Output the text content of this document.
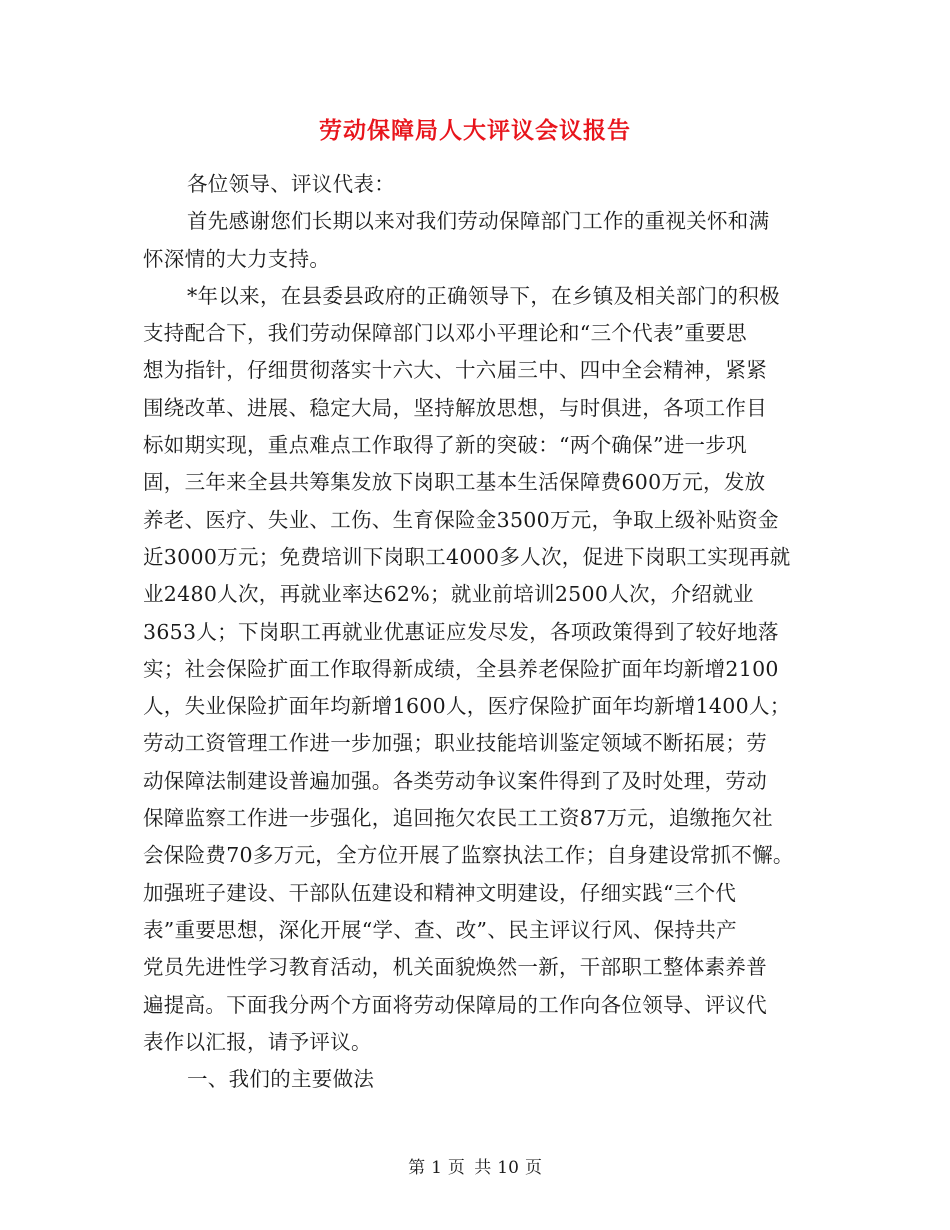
劳动保障局人大评议会议报告
各位领导、评议代表：
首先感谢您们长期以来对我们劳动保障部门工作的重视关怀和满
怀深情的大力支持。
*年以来，在县委县政府的正确领导下，在乡镇及相关部门的积极
支持配合下，我们劳动保障部门以邓小平理论和“三个代表”重要思
想为指针，仔细贯彻落实十六大、十六届三中、四中全会精神，紧紧
围绕改革、进展、稳定大局，坚持解放思想，与时俱进，各项工作目
标如期实现，重点难点工作取得了新的突破：“两个确保”进一步巩
固，三年来全县共筹集发放下岗职工基本生活保障费600万元，发放
养老、医疗、失业、工伤、生育保险金3500万元，争取上级补贴资金
近3000万元；免费培训下岗职工4000多人次，促进下岗职工实现再就
业2480人次，再就业率达62%；就业前培训2500人次，介绍就业
3653人；下岗职工再就业优惠证应发尽发，各项政策得到了较好地落
实；社会保险扩面工作取得新成绩，全县养老保险扩面年均新增2100
人，失业保险扩面年均新增1600人，医疗保险扩面年均新增1400人；
劳动工资管理工作进一步加强；职业技能培训鉴定领域不断拓展；劳
动保障法制建设普遍加强。各类劳动争议案件得到了及时处理，劳动
保障监察工作进一步强化，追回拖欠农民工工资87万元，追缴拖欠社
会保险费70多万元，全方位开展了监察执法工作；自身建设常抓不懈。
加强班子建设、干部队伍建设和精神文明建设，仔细实践“三个代
表”重要思想，深化开展“学、查、改”、民主评议行风、保持共产
党员先进性学习教育活动，机关面貌焕然一新，干部职工整体素养普
遍提高。下面我分两个方面将劳动保障局的工作向各位领导、评议代
表作以汇报，请予评议。
一、我们的主要做法
第 1 页 共 10 页
